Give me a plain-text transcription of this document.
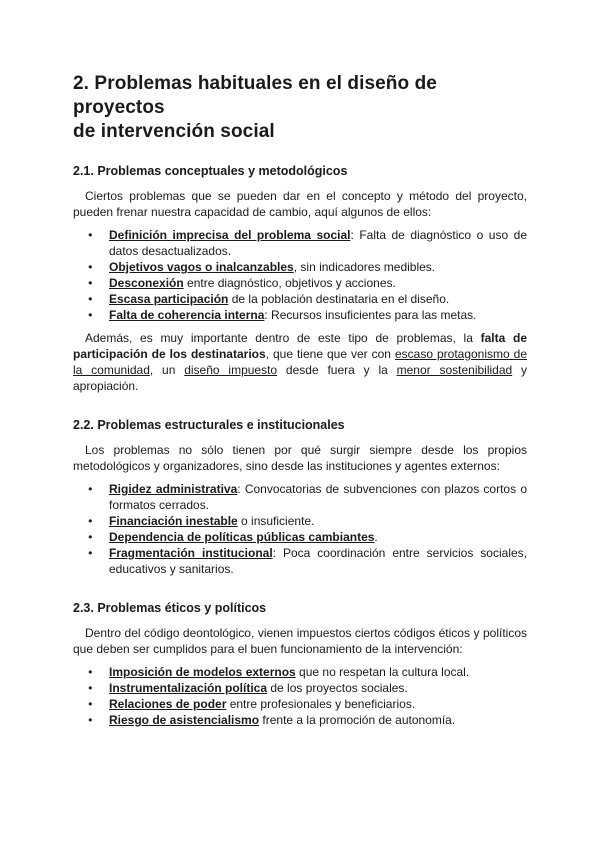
2. Problemas habituales en el diseño de proyectos
de intervención social
2.1. Problemas conceptuales y metodológicos

Ciertos problemas que se pueden dar en el concepto y método del proyecto, pueden frenar nuestra capacidad de cambio, aquí algunos de ellos:

● Definición imprecisa del problema social: Falta de diagnóstico o uso de datos desactualizados.
● Objetivos vagos o inalcanzables, sin indicadores medibles.
● Desconexión entre diagnóstico, objetivos y acciones.
● Escasa participación de la población destinataria en el diseño.
● Falta de coherencia interna: Recursos insuficientes para las metas.

Además, es muy importante dentro de este tipo de problemas, la falta de participación de los destinatarios, que tiene que ver con escaso protagonismo de la comunidad, un diseño impuesto desde fuera y la menor sostenibilidad y apropiación.

2.2. Problemas estructurales e institucionales

Los problemas no sólo tienen por qué surgir siempre desde los propios metodológicos y organizadores, sino desde las instituciones y agentes externos:

● Rigidez administrativa: Convocatorias de subvenciones con plazos cortos o formatos cerrados.
● Financiación inestable o insuficiente.
● Dependencia de políticas públicas cambiantes.
● Fragmentación institucional: Poca coordinación entre servicios sociales, educativos y sanitarios.
2.3. Problemas éticos y políticos

Dentro del código deontológico, vienen impuestos ciertos códigos éticos y políticos que deben ser cumplidos para el buen funcionamiento de la intervención:

● Imposición de modelos externos que no respetan la cultura local.
● Instrumentalización política de los proyectos sociales.
● Relaciones de poder entre profesionales y beneficiarios.
● Riesgo de asistencialismo frente a la promoción de autonomía.
